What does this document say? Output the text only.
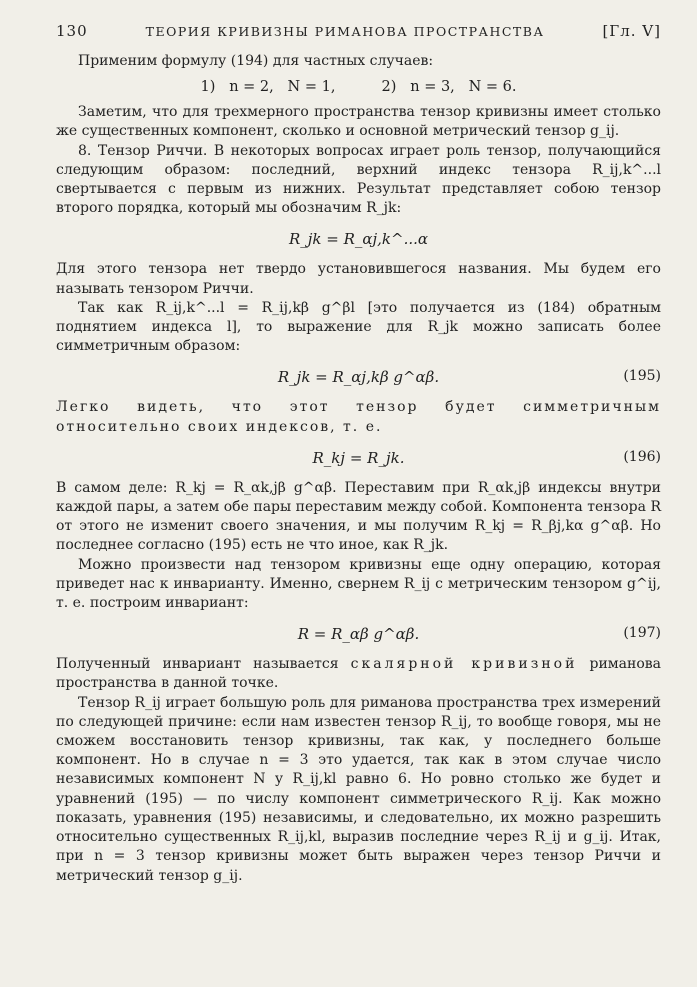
130	ТЕОРИЯ КРИВИЗНЫ РИМАНОВА ПРОСТРАНСТВА	[Гл. V]

Применим формулу (194) для частных случаев:

1)   n = 2,   N = 1,          2)   n = 3,   N = 6.

Заметим, что для трехмерного пространства тензор кривизны имеет столько же существенных компонент, сколько и основной метрический тензор g_ij.

8. Тензор Риччи. В некоторых вопросах играет роль тензор, получающийся следующим образом: последний, верхний индекс тензора R_ij,k^...l свертывается с первым из нижних. Результат представляет собою тензор второго порядка, который мы обозначим R_jk:

R_jk = R_αj,k^...α

Для этого тензора нет твердо установившегося названия. Мы будем его называть тензором Риччи.

Так как R_ij,k^...l = R_ij,kβ g^βl [это получается из (184) обратным поднятием индекса l], то выражение для R_jk можно записать более симметричным образом:

R_jk = R_αj,kβ g^αβ.	(195)

Легко видеть, что этот тензор будет симметричным относительно своих индексов, т. е.

R_kj = R_jk.	(196)

В самом деле: R_kj = R_αk,jβ g^αβ. Переставим при R_αk,jβ индексы внутри каждой пары, а затем обе пары переставим между собой. Компонента тензора R от этого не изменит своего значения, и мы получим R_kj = R_βj,kα g^αβ. Но последнее согласно (195) есть не что иное, как R_jk.

Можно произвести над тензором кривизны еще одну операцию, которая приведет нас к инварианту. Именно, свернем R_ij с метрическим тензором g^ij, т. е. построим инвариант:

R = R_αβ g^αβ.	(197)

Полученный инвариант называется скалярной кривизной риманова пространства в данной точке.

Тензор R_ij играет большую роль для риманова пространства трех измерений по следующей причине: если нам известен тензор R_ij, то вообще говоря, мы не сможем восстановить тензор кривизны, так как, у последнего больше компонент. Но в случае n = 3 это удается, так как в этом случае число независимых компонент N у R_ij,kl равно 6. Но ровно столько же будет и уравнений (195) — по числу компонент симметрического R_ij. Как можно показать, уравнения (195) независимы, и следовательно, их можно разрешить относительно существенных R_ij,kl, выразив последние через R_ij и g_ij. Итак, при n = 3 тензор кривизны может быть выражен через тензор Риччи и метрический тензор g_ij.
